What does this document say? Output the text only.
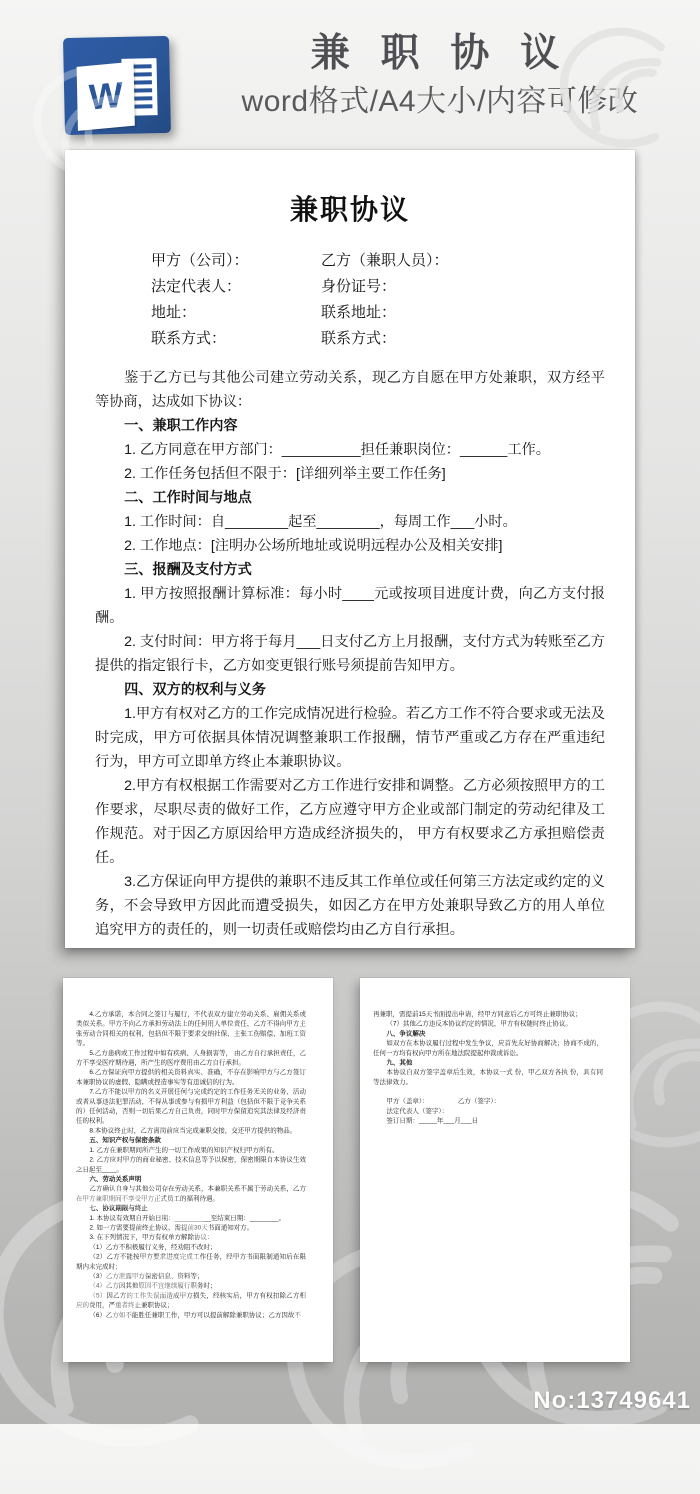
W
兼 职 协 议
word格式/A4大小/内容可修改
兼职协议
甲方（公司）：	乙方（兼职人员）：
法定代表人：	身份证号：
地址：	联系地址：
联系方式：	联系方式：

鉴于乙方已与其他公司建立劳动关系，现乙方自愿在甲方处兼职，双方经平等协商，达成如下协议：

一、兼职工作内容

1. 乙方同意在甲方部门：__________担任兼职岗位：______工作。

2. 工作任务包括但不限于：[详细列举主要工作任务]

二、工作时间与地点

1. 工作时间：自________起至________，每周工作___小时。

2. 工作地点：[注明办公场所地址或说明远程办公及相关安排]

三、报酬及支付方式

1. 甲方按照报酬计算标准：每小时____元或按项目进度计费，向乙方支付报酬。

2. 支付时间：甲方将于每月___日支付乙方上月报酬，支付方式为转账至乙方提供的指定银行卡，乙方如变更银行账号须提前告知甲方。

四、双方的权利与义务

1.甲方有权对乙方的工作完成情况进行检验。若乙方工作不符合要求或无法及时完成，甲方可依据具体情况调整兼职工作报酬，情节严重或乙方存在严重违纪行为，甲方可立即单方终止本兼职协议。

2.甲方有权根据工作需要对乙方工作进行安排和调整。乙方必须按照甲方的工作要求，尽职尽责的做好工作，乙方应遵守甲方企业或部门制定的劳动纪律及工作规范。对于因乙方原因给甲方造成经济损失的， 甲方有权要求乙方承担赔偿责任。

3.乙方保证向甲方提供的兼职不违反其工作单位或任何第三方法定或约定的义务，不会导致甲方因此而遭受损失，如因乙方在甲方处兼职导致乙方的用人单位追究甲方的责任的，则一切责任或赔偿均由乙方自行承担。

4.乙方承诺，本合同之签订与履行，不代表双方建立劳动关系、雇佣关系或类似关系。甲方不向乙方承担劳动法上的任何用人单位责任，乙方不得向甲方主张劳动合同相关的权利，包括但不限于要求交纳社保、主张工伤赔偿、加班工资等。

5.乙方患病或工作过程中如有疾病、人身损害等， 由乙方自行承担责任，乙方不享受医疗期待遇，所产生的医疗费用由乙方自行承担。

6.乙方保证向甲方提供的相关资料真实、准确，不存在影响甲方与乙方签订本兼职协议的虚假、隐瞒或捏造事实等有违诚信的行为。

7.乙方不能以甲方的名义开展任何与完成约定的工作任务无关的业务、活动或者从事违法犯罪活动，不得从事或参与有损甲方利益（包括但不限于竞争关系的）任何活动，否则一切后果乙方自己负责，同时甲方保留追究其法律及经济责任的权利。

8.本协议终止时，乙方离岗前应当完成兼职交接，交还甲方提供的物品。

五、知识产权与保密条款

1. 乙方在兼职期间所产生的一切工作成果的知识产权归甲方所有。

2. 乙方应对甲方的商业秘密、技术信息等予以保密，保密期限自本协议生效之日起至____。

六、劳动关系声明

乙方确认自身与其他公司存在劳动关系，本兼职关系不属于劳动关系，乙方在甲方兼职期间不享受甲方正式员工的福利待遇。

七、协议期限与终止

1. 本协议有效期自开始日期：__________至结束日期：________。

2. 如一方需要提前终止协议，需提前30天书面通知对方。

3. 在下列情况下，甲方有权单方解除协议：

（1）乙方不积极履行义务，经劝阻不改时；

（2）乙方不能按甲方要求进度完成工作任务，经甲方书面限制通知后在限期内未完成时；

（3）乙方泄露甲方保密信息、资料等；

（4）乙方因其他原因不宜继续履行职务时；

（5）因乙方的工作失误而造成甲方损失，经核实后，甲方有权扣除乙方相应的费用，严重者终止兼职协议；

（6）乙方如不能胜任兼职工作，甲方可以提前解除兼职协议；乙方因故不

再兼职，需提前15天书面提出申请，经甲方同意后乙方可终止兼职协议；

（7）其他乙方违反本协议约定的情况，甲方有权随时终止协议。

八、争议解决

如双方在本协议履行过程中发生争议，应首先友好协商解决；协商不成的，任何一方均有权向甲方所在地法院提起仲裁或诉讼。

九、其他

本协议自双方签字盖章后生效，本协议一式 份，甲乙双方各执 份，具有同等法律效力。

甲方（盖章）：　　　　　乙方（签字）：

法定代表人（签字）：

签订日期：_____年___月___日

No:13749641
